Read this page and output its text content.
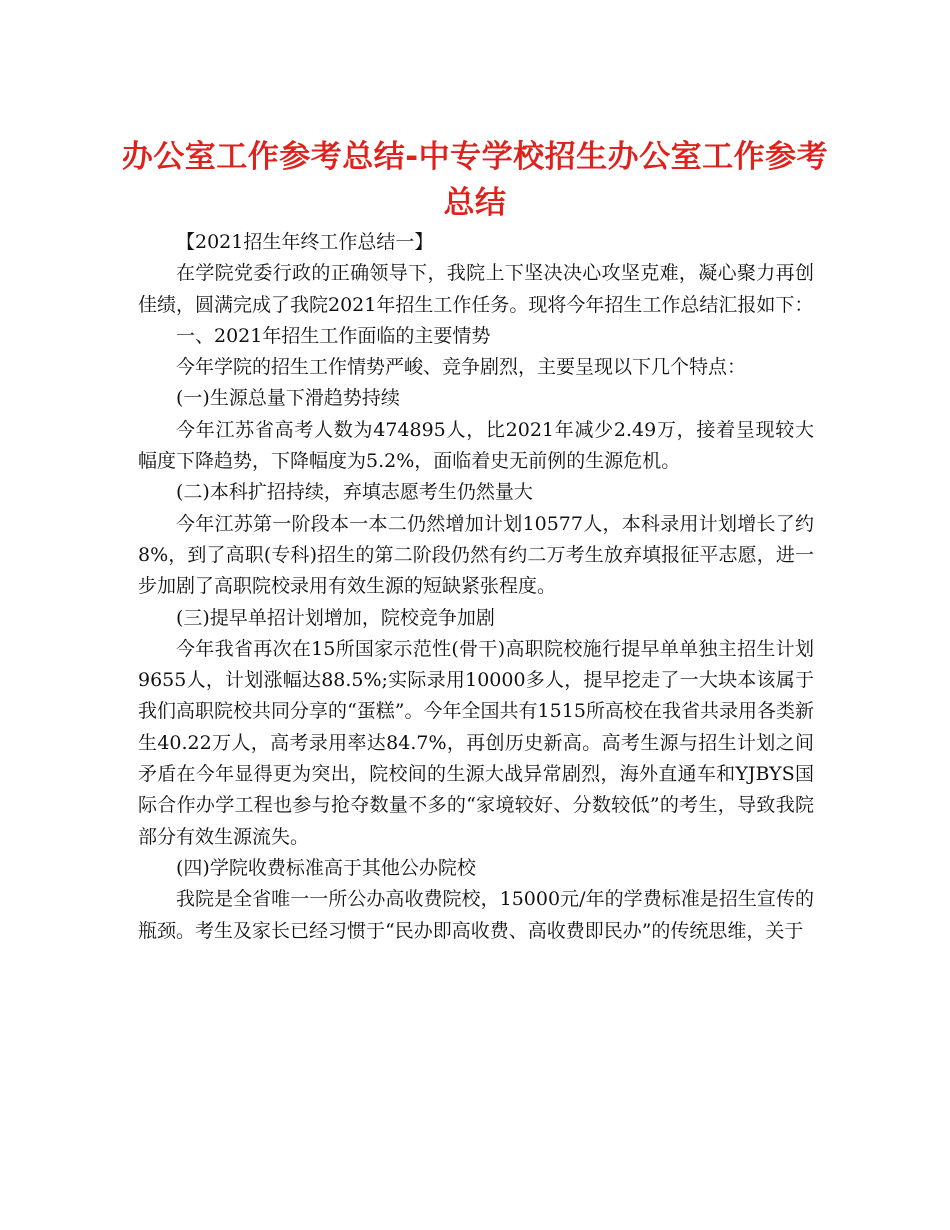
办公室工作参考总结-中专学校招生办公室工作参考总结

【2021招生年终工作总结一】

在学院党委行政的正确领导下，我院上下坚决决心攻坚克难，凝心聚力再创佳绩，圆满完成了我院2021年招生工作任务。现将今年招生工作总结汇报如下：

一、2021年招生工作面临的主要情势

今年学院的招生工作情势严峻、竞争剧烈，主要呈现以下几个特点：

(一)生源总量下滑趋势持续

今年江苏省高考人数为474895人，比2021年减少2.49万，接着呈现较大幅度下降趋势，下降幅度为5.2%，面临着史无前例的生源危机。

(二)本科扩招持续，弃填志愿考生仍然量大

今年江苏第一阶段本一本二仍然增加计划10577人，本科录用计划增长了约8%，到了高职(专科)招生的第二阶段仍然有约二万考生放弃填报征平志愿，进一步加剧了高职院校录用有效生源的短缺紧张程度。

(三)提早单招计划增加，院校竞争加剧

今年我省再次在15所国家示范性(骨干)高职院校施行提早单单独主招生计划9655人，计划涨幅达88.5%;实际录用10000多人，提早挖走了一大块本该属于我们高职院校共同分享的“蛋糕”。今年全国共有1515所高校在我省共录用各类新生40.22万人，高考录用率达84.7%，再创历史新高。高考生源与招生计划之间矛盾在今年显得更为突出，院校间的生源大战异常剧烈，海外直通车和YJBYS国际合作办学工程也参与抢夺数量不多的“家境较好、分数较低”的考生，导致我院部分有效生源流失。

(四)学院收费标准高于其他公办院校

我院是全省唯一一所公办高收费院校，15000元/年的学费标准是招生宣传的瓶颈。考生及家长已经习惯于“民办即高收费、高收费即民办”的传统思维，关于
